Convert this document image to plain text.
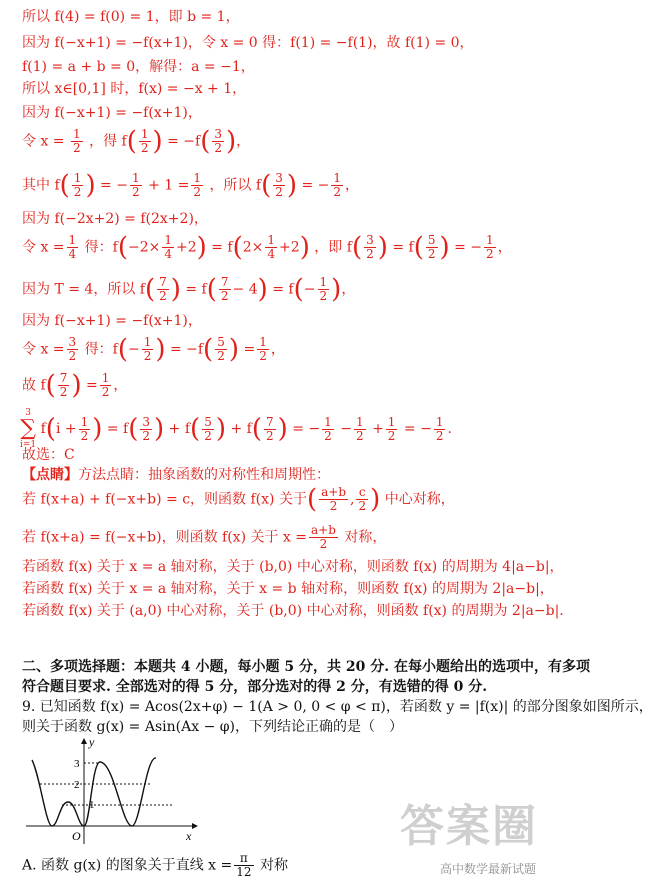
所以 f(4) = f(0) = 1，即 b = 1，
因为 f(−x+1) = −f(x+1)，令 x = 0 得：f(1) = −f(1)，故 f(1) = 0，
f(1) = a + b = 0，解得：a = −1，
所以 x∈[0,1] 时，f(x) = −x + 1，
因为 f(−x+1) = −f(x+1)，
令 $x = \frac{1}{2}$ ，得 $f( \frac{1}{2}$ ) = $-f( \frac{3}{2}$ )，
其中 $f( \frac{1}{2}$ ) = − $\frac{1}{2} + 1 = \frac{1}{2}$ ，所以 $f( \frac{3}{2}$ ) = − $\frac{1}{2}$ ，
因为 f(−2x+2) = f(2x+2)，
令 $x = \frac{1}{4}$ 得：$f(-2\times \frac{1}{4} +2) = f(2\times \frac{1}{4} +2)$ ，即 $f( \frac{3}{2}$ ) = $f( \frac{5}{2}$ ) = − $\frac{1}{2}$ ，
因为 T = 4，所以 $f( \frac{7}{2}$ ) = $f( \frac{7}{2} - 4) = f(- \frac{1}{2}$ )，
因为 f(−x+1) = −f(x+1)，
令 $x = \frac{3}{2}$ 得：$f(- \frac{1}{2}$ ) = $-f( \frac{5}{2}$ ) = $\frac{1}{2}$ ，
故 $f( \frac{7}{2}$ ) = $\frac{1}{2}$ ，
3
∑
i=1
$f(i + \frac{1}{2}$ ) = $f( \frac{3}{2}$ ) + $f( \frac{5}{2}$ ) + $f( \frac{7}{2}$ ) = − $\frac{1}{2} - \frac{1}{2} + \frac{1}{2}$ = − $\frac{1}{2}$ .
故选：C
【点睛】方法点睛：抽象函数的对称性和周期性：
若 f(x+a) + f(−x+b) = c，则函数 f(x) 关于( $\frac{a+b}{2}$ , $\frac{c}{2}$ ) 中心对称，
若 f(x+a) = f(−x+b)，则函数 f(x) 关于 $x = \frac{a+b}{2}$ 对称，
若函数 f(x) 关于 x = a 轴对称，关于 (b,0) 中心对称，则函数 f(x) 的周期为 4|a−b|，
若函数 f(x) 关于 x = a 轴对称，关于 x = b 轴对称，则函数 f(x) 的周期为 2|a−b|，
若函数 f(x) 关于 (a,0) 中心对称，关于 (b,0) 中心对称，则函数 f(x) 的周期为 2|a−b|.
二、多项选择题：本题共 4 小题，每小题 5 分，共 20 分. 在每小题给出的选项中，有多项
符合题目要求. 全部选对的得 5 分，部分选对的得 2 分，有选错的得 0 分.
9. 已知函数 f(x) = Acos(2x+φ) − 1(A > 0, 0 < φ < π)，若函数 y = |f(x)| 的部分图象如图所示，
则关于函数 g(x) = Asin(Ax − φ)，下列结论正确的是（　）
y
x
O
3
2
1
A. 函数 g(x) 的图象关于直线 $x = \frac{\pi}{12}$ 对称
答案圈
高中数学最新试题
